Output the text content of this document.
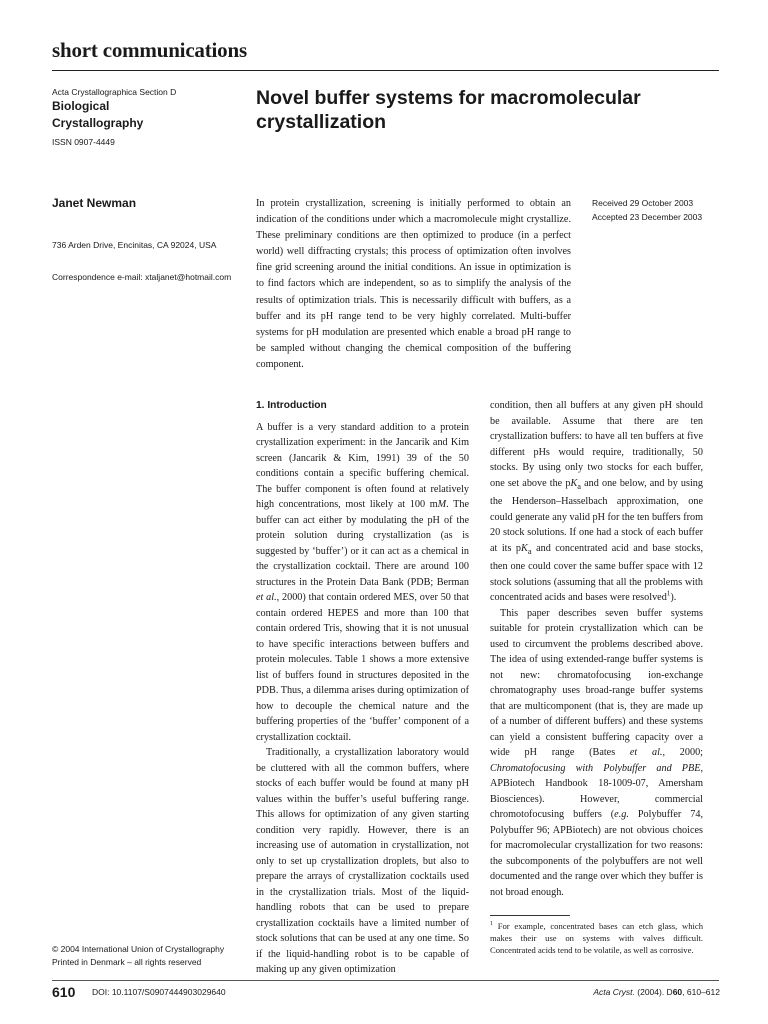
short communications
Acta Crystallographica Section D
Biological
Crystallography
ISSN 0907-4449
Novel buffer systems for macromolecular crystallization
Janet Newman
736 Arden Drive, Encinitas, CA 92024, USA
Correspondence e-mail: xtaljanet@hotmail.com

In protein crystallization, screening is initially performed to obtain an indication of the conditions under which a macromolecule might crystallize. These preliminary conditions are then optimized to produce (in a perfect world) well diffracting crystals; this process of optimization often involves fine grid screening around the initial conditions. An issue in optimization is to find factors which are independent, so as to simplify the analysis of the results of optimization trials. This is necessarily difficult with buffers, as a buffer and its pH range tend to be very highly correlated. Multi-buffer systems for pH modulation are presented which enable a broad pH range to be sampled without changing the chemical composition of the buffering component.

Received 29 October 2003
Accepted 23 December 2003
1. Introduction

A buffer is a very standard addition to a protein crystallization experiment: in the Jancarik and Kim screen (Jancarik & Kim, 1991) 39 of the 50 conditions contain a specific buffering chemical. The buffer component is often found at relatively high concentrations, most likely at 100 mM. The buffer can act either by modulating the pH of the protein solution during crystallization (as is suggested by ‘buffer’) or it can act as a chemical in the crystallization cocktail. There are around 100 structures in the Protein Data Bank (PDB; Berman et al., 2000) that contain ordered MES, over 50 that contain ordered HEPES and more than 100 that contain ordered Tris, showing that it is not unusual to have specific interactions between buffers and protein molecules. Table 1 shows a more extensive list of buffers found in structures deposited in the PDB. Thus, a dilemma arises during optimization of how to decouple the chemical nature and the buffering properties of the ‘buffer’ component of a crystallization cocktail.

Traditionally, a crystallization laboratory would be cluttered with all the common buffers, where stocks of each buffer would be found at many pH values within the buffer’s useful buffering range. This allows for optimization of any given starting condition very rapidly. However, there is an increasing use of automation in crystallization, not only to set up crystallization droplets, but also to prepare the arrays of crystallization cocktails used in the crystallization trials. Most of the liquid-handling robots that can be used to prepare crystallization cocktails have a limited number of stock solutions that can be used at any one time. So if the liquid-handling robot is to be capable of making up any given optimization

condition, then all buffers at any given pH should be available. Assume that there are ten crystallization buffers: to have all ten buffers at five different pHs would require, traditionally, 50 stocks. By using only two stocks for each buffer, one set above the $pK_a$ and one below, and by using the Henderson–Hasselbach approximation, one could generate any valid pH for the ten buffers from 20 stock solutions. If one had a stock of each buffer at its $pK_a$ and concentrated acid and base stocks, then one could cover the same buffer space with 12 stock solutions (assuming that all the problems with concentrated acids and bases were resolved$^1$).

This paper describes seven buffer systems suitable for protein crystallization which can be used to circumvent the problems described above. The idea of using extended-range buffer systems is not new: chromatofocusing ion-exchange chromatography uses broad-range buffer systems that are multicomponent (that is, they are made up of a number of different buffers) and these systems can yield a consistent buffering capacity over a wide pH range (Bates et al., 2000; Chromatofocusing with Polybuffer and PBE, APBiotech Handbook 18-1009-07, Amersham Biosciences). However, commercial chromotofocusing buffers (e.g. Polybuffer 74, Polybuffer 96; APBiotech) are not obvious choices for macromolecular crystallization for two reasons: the subcomponents of the polybuffers are not well documented and the range over which they buffer is not broad enough.

$^1$ For example, concentrated bases can etch glass, which makes their use on systems with valves difficult. Concentrated acids tend to be volatile, as well as corrosive.

© 2004 International Union of Crystallography
Printed in Denmark – all rights reserved
610 DOI: 10.1107/S0907444903029640	Acta Cryst. (2004). D60, 610–612
